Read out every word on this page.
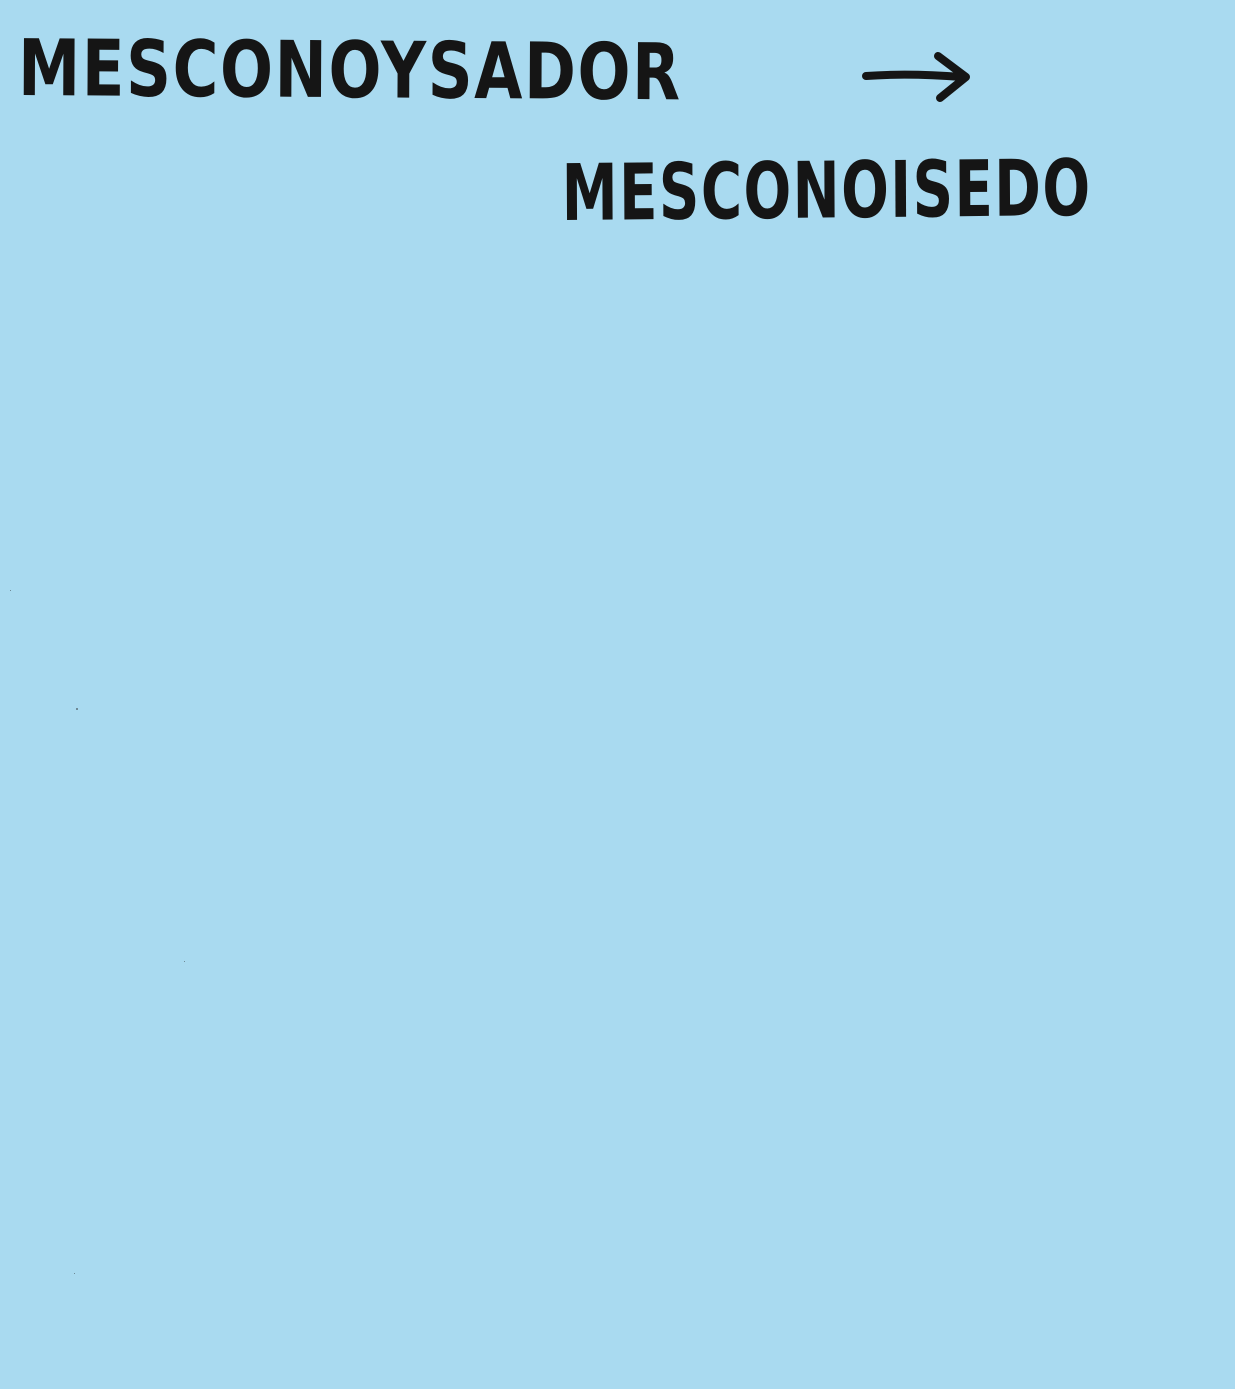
MESCONOYSADOR
MESCONOISEDO
